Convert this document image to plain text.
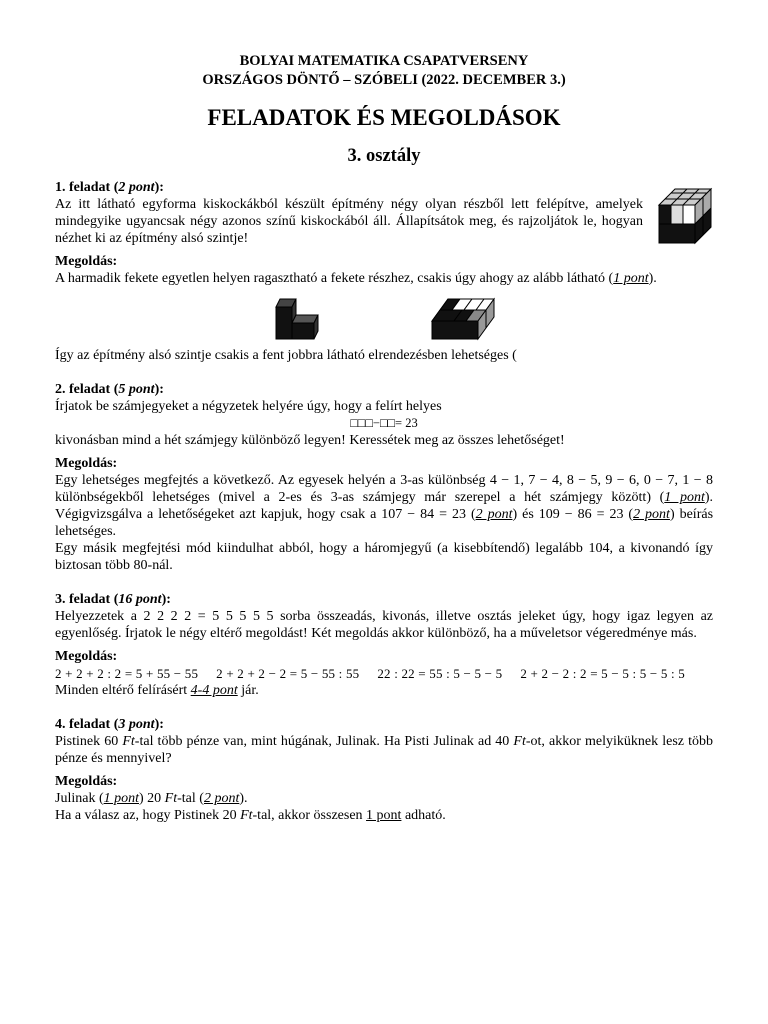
BOLYAI MATEMATIKA CSAPATVERSENY
ORSZÁGOS DÖNTŐ – SZÓBELI (2022. DECEMBER 3.)
FELADATOK ÉS MEGOLDÁSOK
3. osztály
1. feladat (2 pont):

Az itt látható egyforma kiskockákból készült építmény négy olyan részből lett felépítve, amelyek mindegyike ugyancsak négy azonos színű kiskockából áll. Állapítsátok meg, és rajzoljátok le, hogyan nézhet ki az építmény alsó szintje!

Megoldás:

A harmadik fekete egyetlen helyen ragasztható a fekete részhez, csakis úgy ahogy az alább látható (1 pont).

Így az építmény alsó szintje csakis a fent jobbra látható elrendezésben lehetséges (

2. feladat (5 pont):

Írjatok be számjegyeket a négyzetek helyére úgy, hogy a felírt helyes

□□□−□□= 23

kivonásban mind a hét számjegy különböző legyen! Keressétek meg az összes lehetőséget!

Megoldás:

Egy lehetséges megfejtés a következő. Az egyesek helyén a 3-as különbség 4 − 1, 7 − 4, 8 − 5, 9 − 6, 0 − 7, 1 − 8 különbségekből lehetséges (mivel a 2-es és 3-as számjegy már szerepel a hét számjegy között) (1 pont). Végigvizsgálva a lehetőségeket azt kapjuk, hogy csak a 107 − 84 = 23 (2 pont) és 109 − 86 = 23 (2 pont) beírás lehetséges.

Egy másik megfejtési mód kiindulhat abból, hogy a háromjegyű (a kisebbítendő) legalább 104, a kivonandó így biztosan több 80-nál.

3. feladat (16 pont):

Helyezzetek a 2 2 2 2 = 5 5 5 5 5 sorba összeadás, kivonás, illetve osztás jeleket úgy, hogy igaz legyen az egyenlőség. Írjatok le négy eltérő megoldást! Két megoldás akkor különböző, ha a műveletsor végeredménye más.

Megoldás:
2 + 2 + 2 : 2 = 5 + 55 − 55 2 + 2 + 2 − 2 = 5 − 55 : 55 22 : 22 = 55 : 5 − 5 − 5 2 + 2 − 2 : 2 = 5 − 5 : 5 − 5 : 5

Minden eltérő felírásért 4-4 pont jár.

4. feladat (3 pont):

Pistinek 60 Ft-tal több pénze van, mint húgának, Julinak. Ha Pisti Julinak ad 40 Ft-ot, akkor melyiküknek lesz több pénze és mennyivel?

Megoldás:

Julinak (1 pont) 20 Ft-tal (2 pont).

Ha a válasz az, hogy Pistinek 20 Ft-tal, akkor összesen 1 pont adható.
